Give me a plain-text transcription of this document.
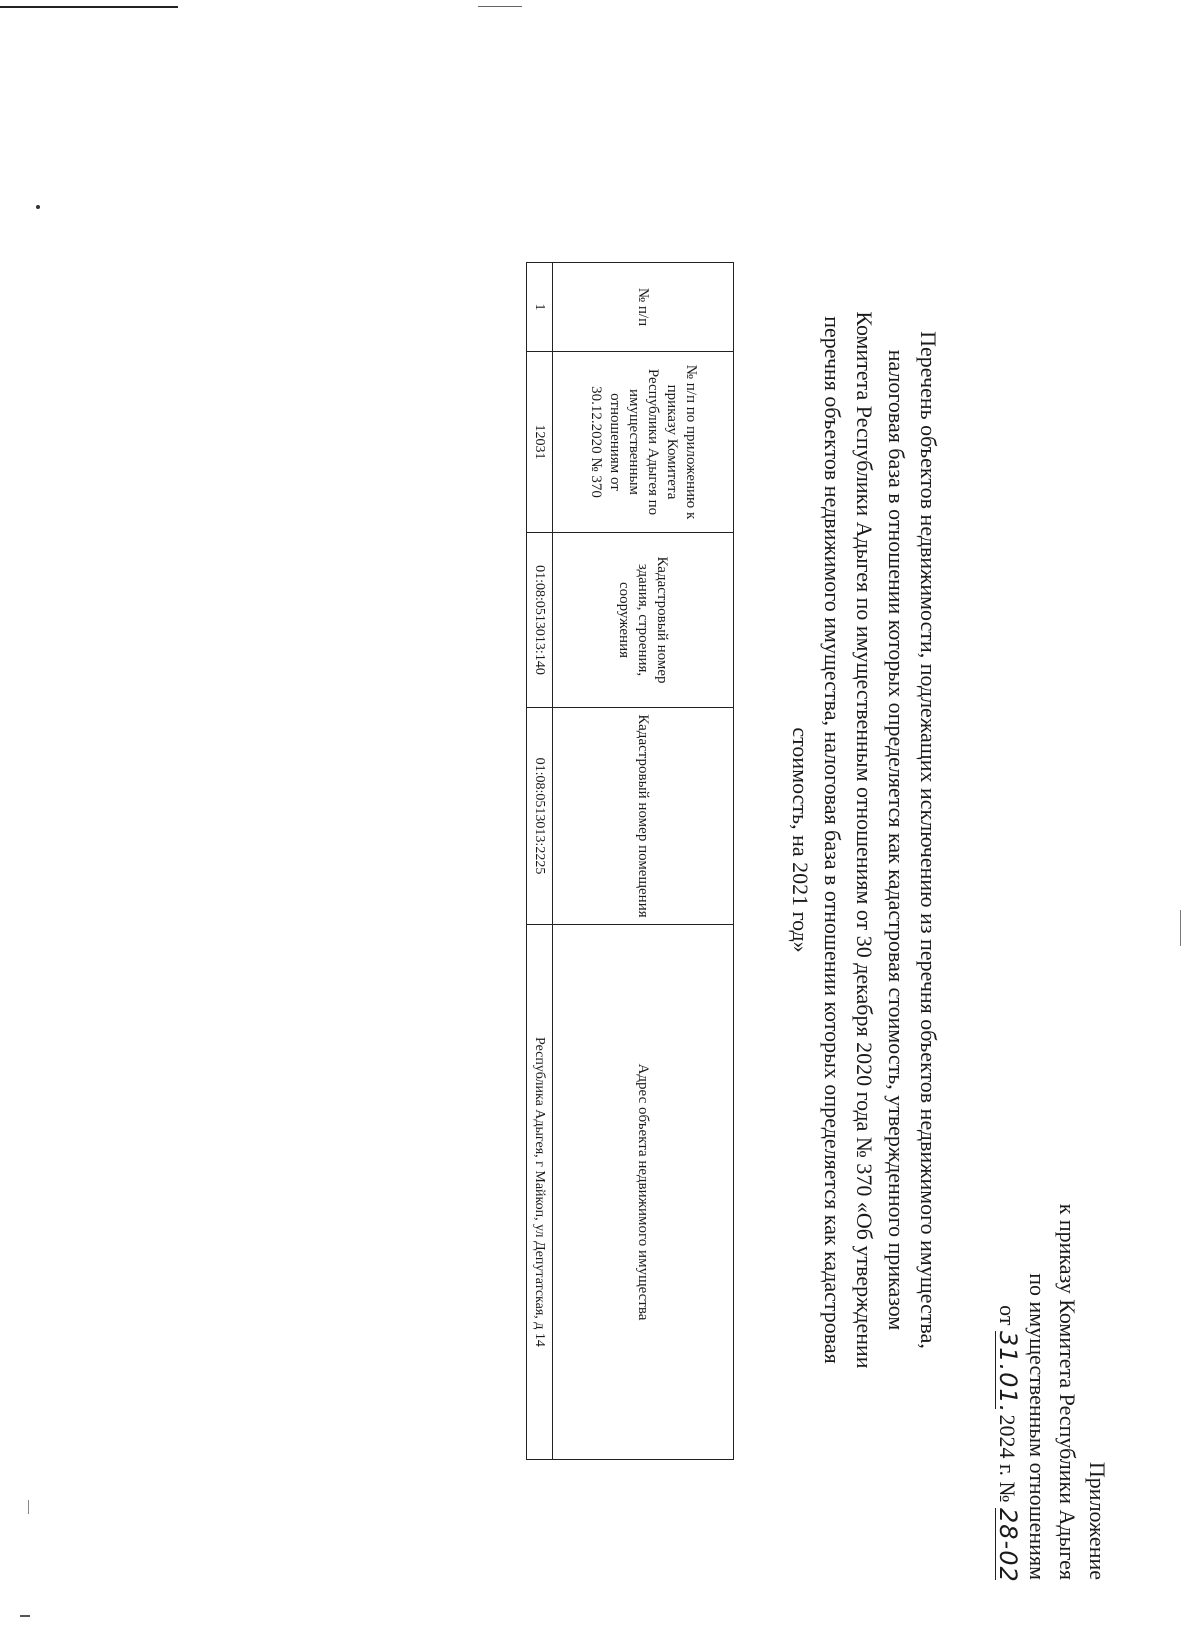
Приложение
к приказу Комитета Республики Адыгея
по имущественным отношениям
от 31.01. 2024 г. № 28-02
Перечень объектов недвижимости, подлежащих исключению из перечня объектов недвижимого имущества,
налоговая база в отношении которых определяется как кадастровая стоимость, утвержденного приказом
Комитета Республики Адыгея по имущественным отношениям от 30 декабря 2020 года № 370 «Об утверждении
перечня объектов недвижимого имущества, налоговая база в отношении которых определяется как кадастровая
стоимость, на 2021 год»
№ п/п	№ п/п по приложению к приказу Комитета Республики Адыгея по имущественным отношениям от 30.12.2020 № 370	Кадастровый номер здания, строения, сооружения	Кадастровый номер помещения	Адрес объекта недвижимого имущества
1	12031	01:08:0513013:140	01:08:0513013:2225	Республика Адыгея, г Майкоп, ул Депутатская, д 14
